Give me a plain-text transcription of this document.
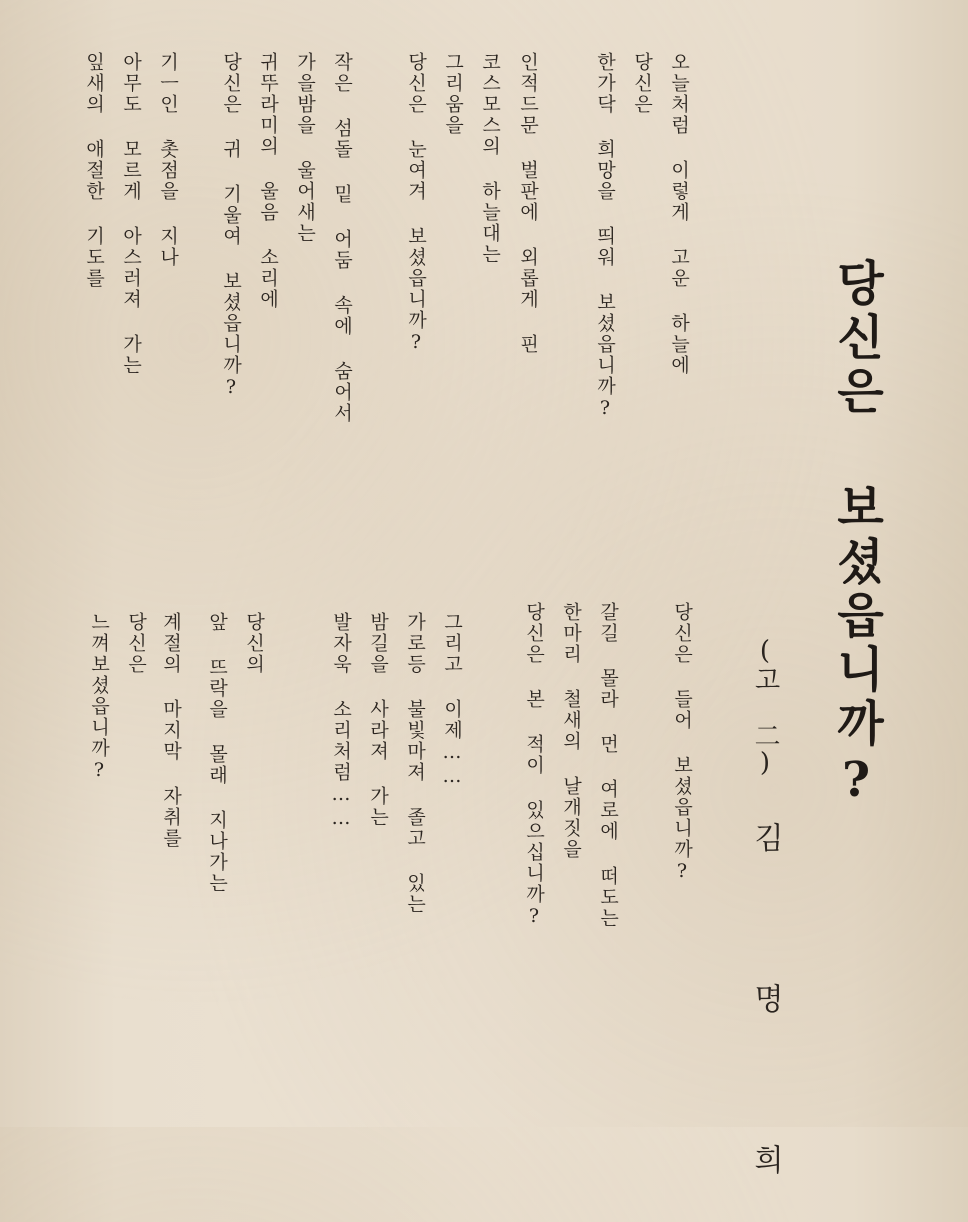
당신은 보셨읍니까?
(고 二)김 명 희
오늘처럼 이렇게 고운 하늘에
당신은
한가닥 희망을 띄워 보셨읍니까?
인적드문 벌판에 외롭게 핀
코스모스의 하늘대는
그리움을
당신은 눈여겨 보셨읍니까?
작은 섬돌 밑 어둠 속에 숨어서
가을밤을 울어새는
귀뚜라미의 울음 소리에
당신은 귀 기울여 보셨읍니까?
기ㅡ인 촛점을 지나
아무도 모르게 아스러져 가는
잎새의 애절한 기도를
당신은 들어 보셨읍니까?
갈길 몰라 먼 여로에 떠도는
한마리 철새의 날개짓을
당신은 본 적이 있으십니까?
그리고 이제……
가로등 불빛마져 졸고 있는
밤길을 사라져 가는
발자욱 소리처럼……
당신의
앞 뜨락을 몰래 지나가는
계절의 마지막 자취를
당신은
느껴보셨읍니까?
